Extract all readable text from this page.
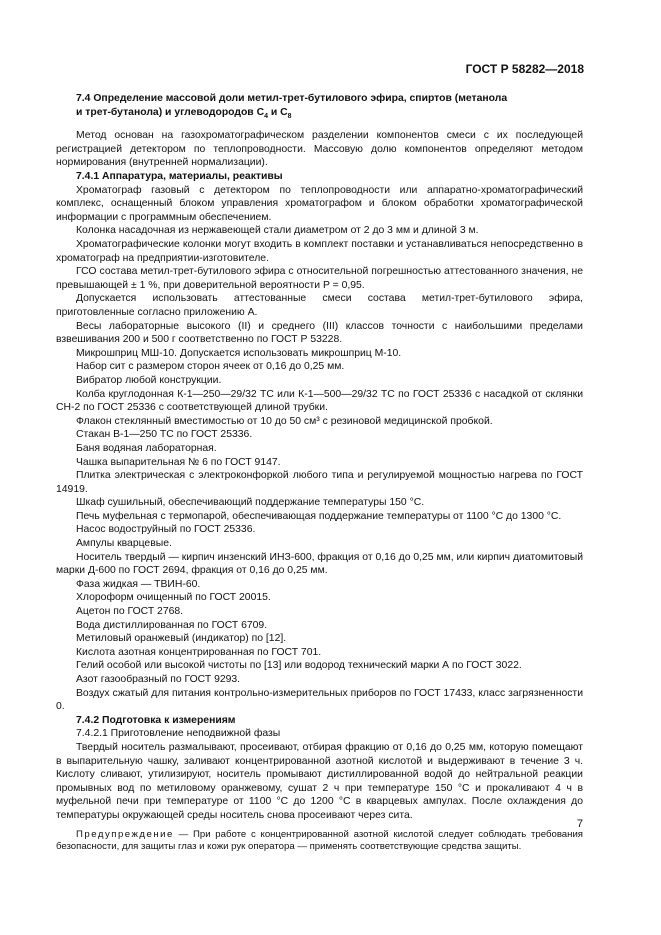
ГОСТ Р 58282—2018
7.4 Определение массовой доли метил-трет-бутилового эфира, спиртов (метанола
и трет-бутанола) и углеводородов $C_4$ и $C_8$

Метод основан на газохроматографическом разделении компонентов смеси с их последующей регистрацией детектором по теплопроводности. Массовую долю компонентов определяют методом нормирования (внутренней нормализации).

7.4.1 Аппаратура, материалы, реактивы

Хроматограф газовый с детектором по теплопроводности или аппаратно-хроматографический комплекс, оснащенный блоком управления хроматографом и блоком обработки хроматографической информации с программным обеспечением.

Колонка насадочная из нержавеющей стали диаметром от 2 до 3 мм и длиной 3 м.

Хроматографические колонки могут входить в комплект поставки и устанавливаться непосредственно в хроматограф на предприятии-изготовителе.

ГСО состава метил-трет-бутилового эфира с относительной погрешностью аттестованного значения, не превышающей ± 1 %, при доверительной вероятности P = 0,95.

Допускается использовать аттестованные смеси состава метил-трет-бутилового эфира, приготовленные согласно приложению А.

Весы лабораторные высокого (II) и среднего (III) классов точности с наибольшими пределами взвешивания 200 и 500 г соответственно по ГОСТ Р 53228.

Микрошприц МШ-10. Допускается использовать микрошприц М-10.

Набор сит с размером сторон ячеек от 0,16 до 0,25 мм.

Вибратор любой конструкции.

Колба круглодонная К-1—250—29/32 ТС или К-1—500—29/32 ТС по ГОСТ 25336 с насадкой от склянки СН-2 по ГОСТ 25336 с соответствующей длиной трубки.

Флакон стеклянный вместимостью от 10 до 50 см³ с резиновой медицинской пробкой.

Стакан В-1—250 ТС по ГОСТ 25336.

Баня водяная лабораторная.

Чашка выпарительная № 6 по ГОСТ 9147.

Плитка электрическая с электроконфоркой любого типа и регулируемой мощностью нагрева по ГОСТ 14919.

Шкаф сушильный, обеспечивающий поддержание температуры 150 °С.

Печь муфельная с термопарой, обеспечивающая поддержание температуры от 1100 °С до 1300 °С.

Насос водоструйный по ГОСТ 25336.

Ампулы кварцевые.

Носитель твердый — кирпич инзенский ИНЗ-600, фракция от 0,16 до 0,25 мм, или кирпич диатомитовый марки Д-600 по ГОСТ 2694, фракция от 0,16 до 0,25 мм.

Фаза жидкая — ТВИН-60.

Хлороформ очищенный по ГОСТ 20015.

Ацетон по ГОСТ 2768.

Вода дистиллированная по ГОСТ 6709.

Метиловый оранжевый (индикатор) по [12].

Кислота азотная концентрированная по ГОСТ 701.

Гелий особой или высокой чистоты по [13] или водород технический марки А по ГОСТ 3022.

Азот газообразный по ГОСТ 9293.

Воздух сжатый для питания контрольно-измерительных приборов по ГОСТ 17433, класс загрязненности 0.

7.4.2 Подготовка к измерениям

7.4.2.1 Приготовление неподвижной фазы

Твердый носитель размалывают, просеивают, отбирая фракцию от 0,16 до 0,25 мм, которую помещают в выпарительную чашку, заливают концентрированной азотной кислотой и выдерживают в течение 3 ч. Кислоту сливают, утилизируют, носитель промывают дистиллированной водой до нейтральной реакции промывных вод по метиловому оранжевому, сушат 2 ч при температуре 150 °С и прокаливают 4 ч в муфельной печи при температуре от 1100 °С до 1200 °С в кварцевых ампулах. После охлаждения до температуры окружающей среды носитель снова просеивают через сита.

Предупреждение — При работе с концентрированной азотной кислотой следует соблюдать требования безопасности, для защиты глаз и кожи рук оператора — применять соответствующие средства защиты.

7
